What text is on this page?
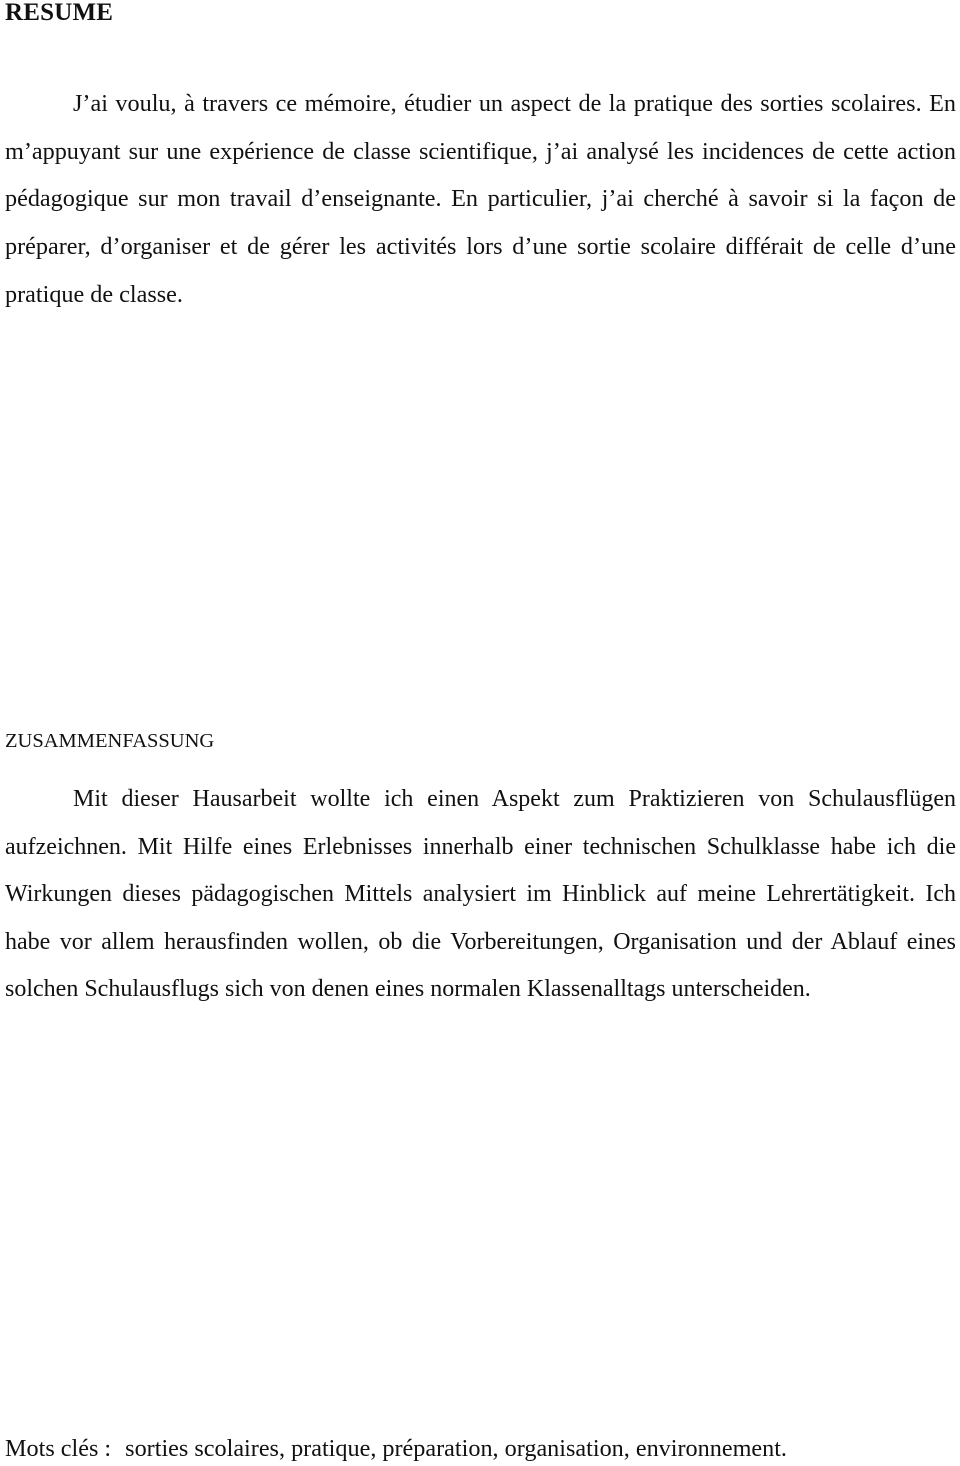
RESUME

J’ai voulu, à travers ce mémoire, étudier un aspect de la pratique des sorties scolaires. En m’appuyant sur une expérience de classe scientifique, j’ai analysé les incidences de cette action pédagogique sur mon travail d’enseignante. En particulier, j’ai cherché à savoir si la façon de préparer, d’organiser et de gérer les activités lors d’une sortie scolaire différait de celle d’une pratique de classe.

ZUSAMMENFASSUNG

Mit dieser Hausarbeit wollte ich einen Aspekt zum Praktizieren von Schulausflügen aufzeichnen. Mit Hilfe eines Erlebnisses innerhalb einer technischen Schulklasse habe ich die Wirkungen dieses pädagogischen Mittels analysiert im Hinblick auf meine Lehrertätigkeit. Ich habe vor allem herausfinden wollen, ob die Vorbereitungen, Organisation und der Ablauf eines solchen Schulausflugs sich von denen eines normalen Klassenalltags unterscheiden.

Mots clés : sorties scolaires, pratique, préparation, organisation, environnement.
